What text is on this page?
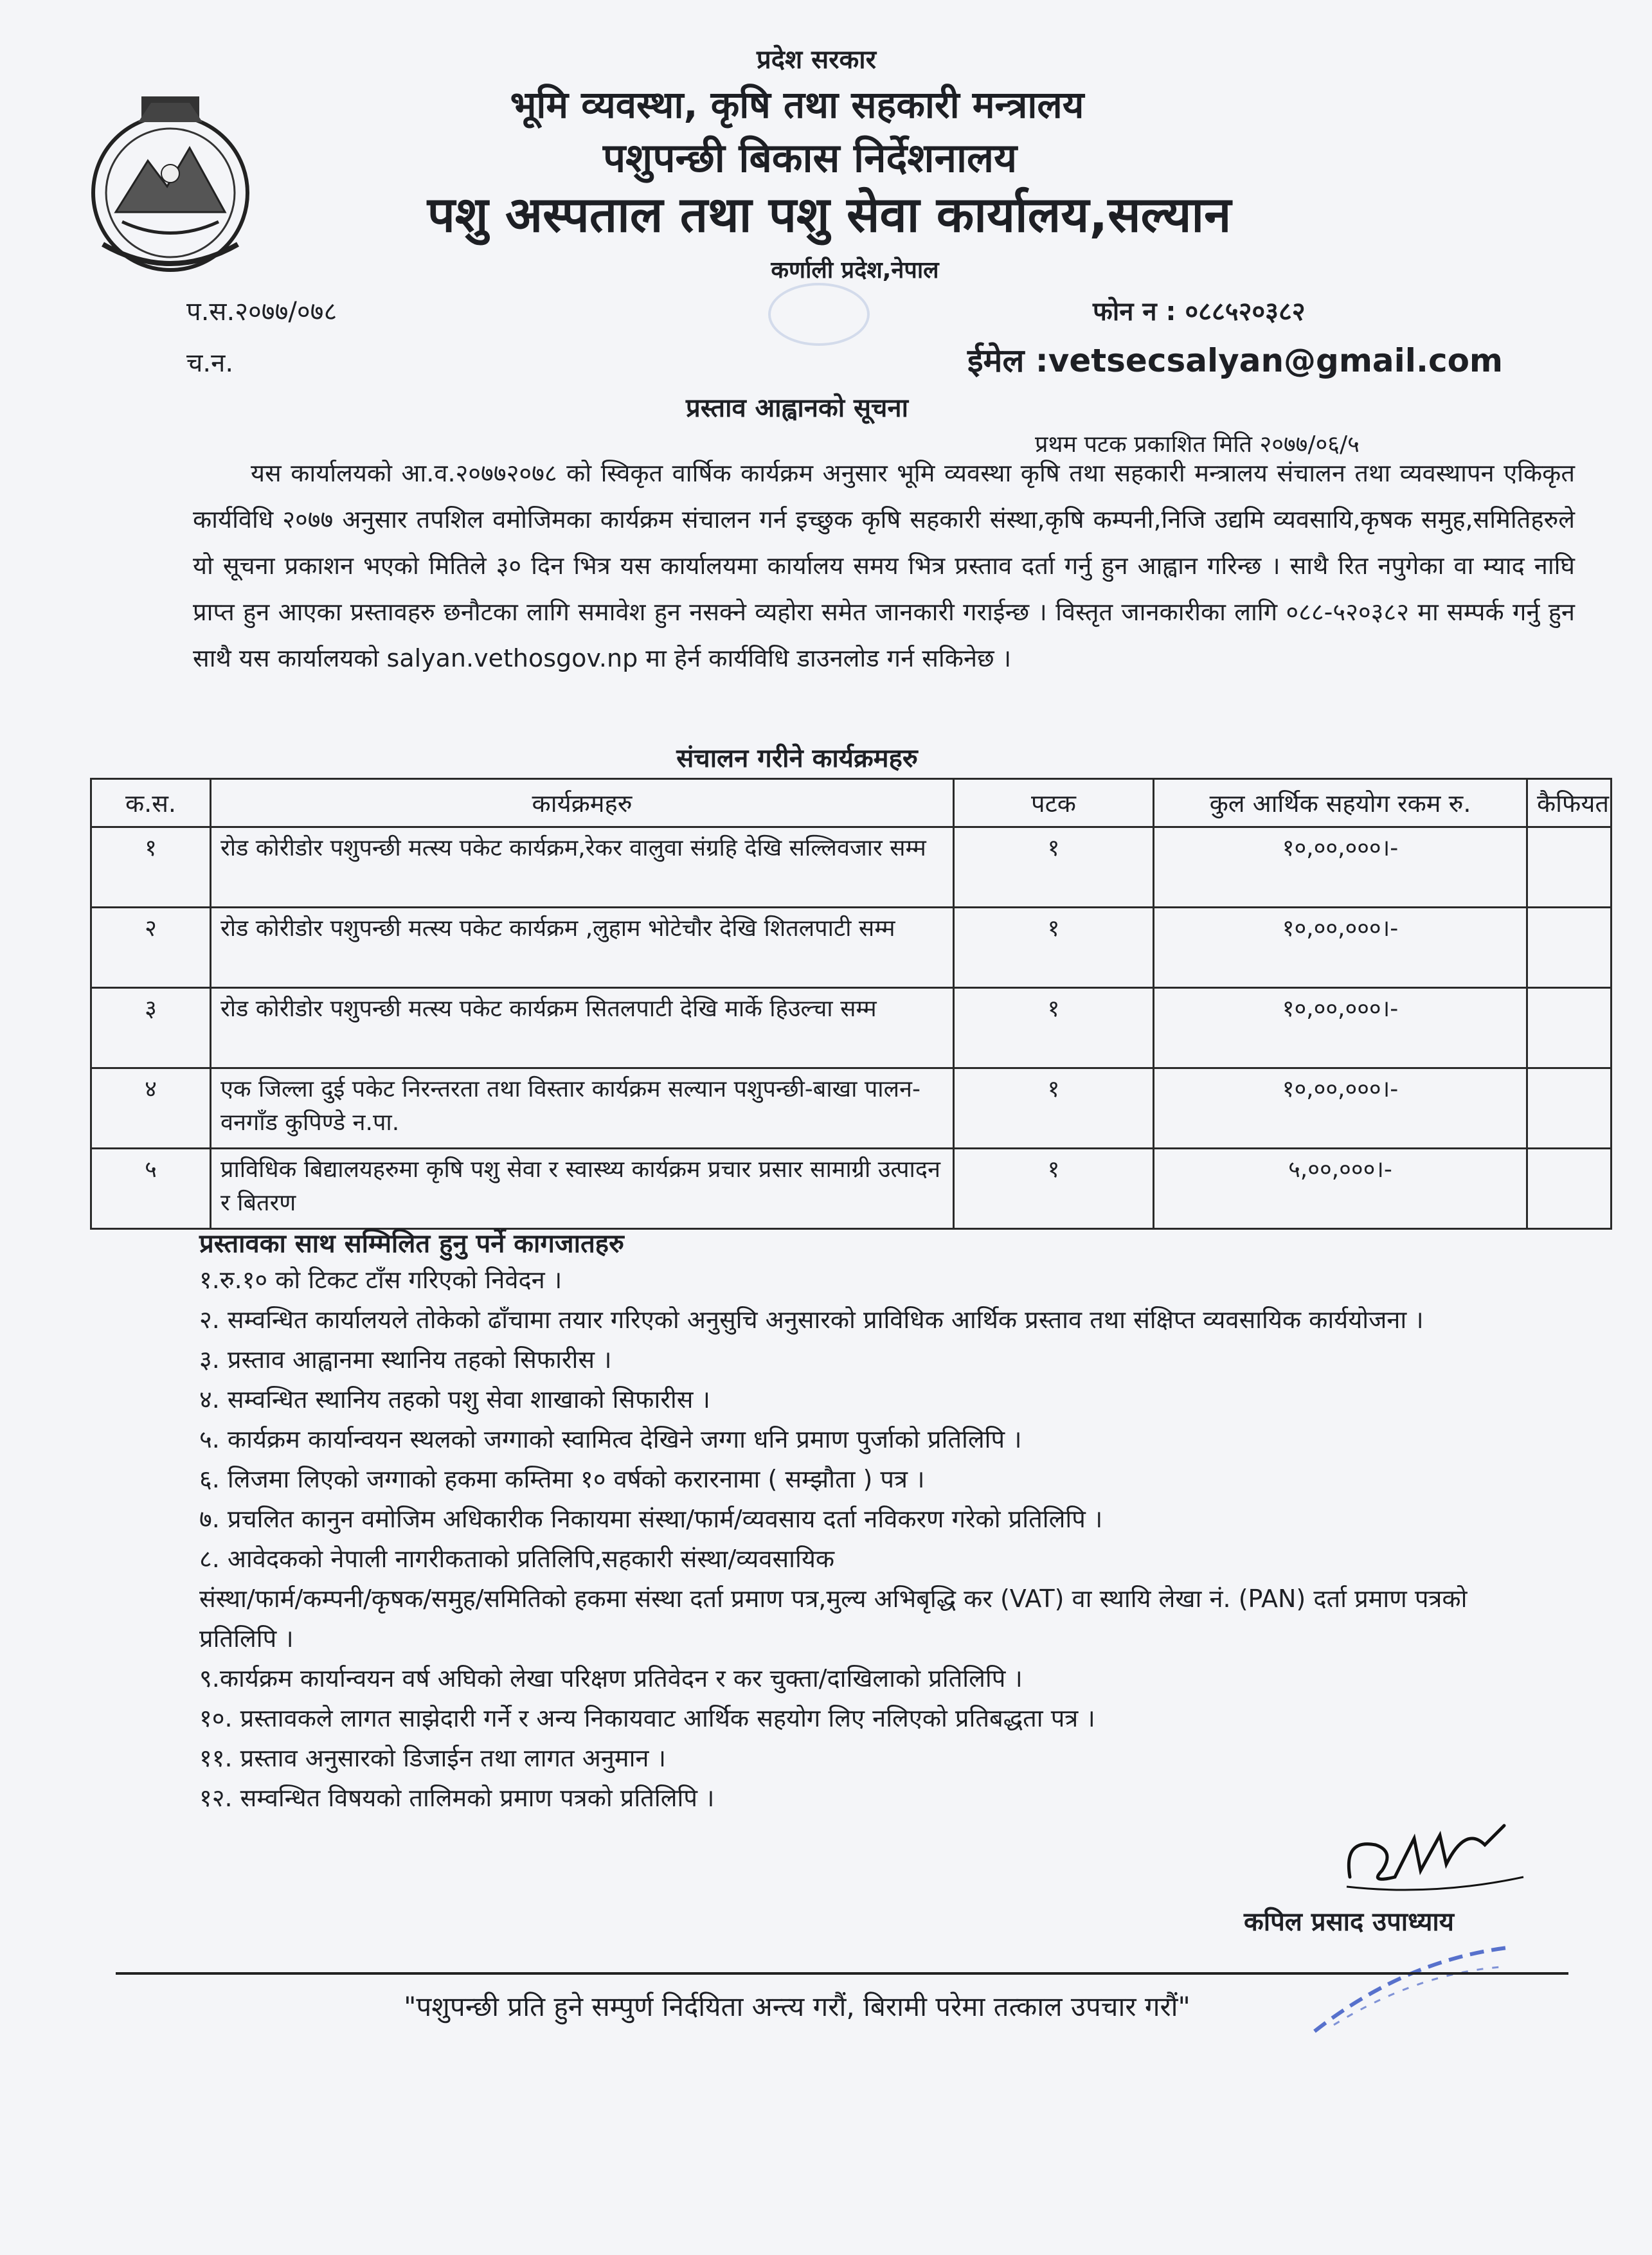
प्रदेश सरकार

भूमि व्यवस्था, कृषि तथा सहकारी मन्त्रालय

पशुपन्छी बिकास निर्देशनालय

पशु अस्पताल तथा पशु सेवा कार्यालय,सल्यान

कर्णाली प्रदेश,नेपाल

प.स.२०७७/०७८

च.न.

फोन न : ०८८५२०३८२

ईमेल :vetsecsalyan@gmail.com

प्रस्ताव आह्वानको सूचना

प्रथम पटक प्रकाशित मिति २०७७/०६/५

यस कार्यालयको आ.व.२०७७२०७८ को स्विकृत वार्षिक कार्यक्रम अनुसार भूमि व्यवस्था कृषि तथा सहकारी मन्त्रालय संचालन तथा व्यवस्थापन एकिकृत कार्यविधि २०७७ अनुसार तपशिल वमोजिमका कार्यक्रम संचालन गर्न इच्छुक कृषि सहकारी संस्था,कृषि कम्पनी,निजि उद्यमि व्यवसायि,कृषक समुह,समितिहरुले यो सूचना प्रकाशन भएको मितिले ३० दिन भित्र यस कार्यालयमा कार्यालय समय भित्र प्रस्ताव दर्ता गर्नु हुन आह्वान गरिन्छ । साथै रित नपुगेका वा म्याद नाघि प्राप्त हुन आएका प्रस्तावहरु छनौटका लागि समावेश हुन नसक्ने व्यहोरा समेत जानकारी गराईन्छ । विस्तृत जानकारीका लागि ०८८-५२०३८२ मा सम्पर्क गर्नु हुन साथै यस कार्यालयको salyan.vethosgov.np मा हेर्न कार्यविधि डाउनलोड गर्न सकिनेछ ।

संचालन गरीने कार्यक्रमहरु

क.स.	कार्यक्रमहरु	पटक	कुल आर्थिक सहयोग रकम रु.	कैफियत
१	रोड कोरीडोर पशुपन्छी मत्स्य पकेट कार्यक्रम,रेकर वालुवा संग्रहि देखि सल्लिवजार सम्म	१	१०,००,०००।-	
२	रोड कोरीडोर पशुपन्छी मत्स्य पकेट कार्यक्रम ,लुहाम भोटेचौर देखि शितलपाटी सम्म	१	१०,००,०००।-	
३	रोड कोरीडोर पशुपन्छी मत्स्य पकेट कार्यक्रम सितलपाटी देखि मार्के हिउल्चा सम्म	१	१०,००,०००।-	
४	एक जिल्ला दुई पकेट निरन्तरता तथा विस्तार कार्यक्रम सल्यान पशुपन्छी-बाखा पालन-वनगाँड कुपिण्डे न.पा.	१	१०,००,०००।-	
५	प्राविधिक बिद्यालयहरुमा कृषि पशु सेवा र स्वास्थ्य कार्यक्रम प्रचार प्रसार सामाग्री उत्पादन र बितरण	१	५,००,०००।-	

प्रस्तावका साथ सम्मिलित हुनु पर्ने कागजातहरु

१.रु.१० को टिकट टाँस गरिएको निवेदन ।
२. सम्वन्धित कार्यालयले तोकेको ढाँचामा तयार गरिएको अनुसुचि अनुसारको प्राविधिक आर्थिक प्रस्ताव तथा संक्षिप्त व्यवसायिक कार्ययोजना ।
३. प्रस्ताव आह्वानमा स्थानिय तहको सिफारीस ।
४. सम्वन्धित स्थानिय तहको पशु सेवा शाखाको सिफारीस ।
५. कार्यक्रम कार्यान्वयन स्थलको जग्गाको स्वामित्व देखिने जग्गा धनि प्रमाण पुर्जाको प्रतिलिपि ।
६. लिजमा लिएको जग्गाको हकमा कम्तिमा १० वर्षको करारनामा ( सम्झौता ) पत्र ।
७. प्रचलित कानुन वमोजिम अधिकारीक निकायमा संस्था/फार्म/व्यवसाय दर्ता नविकरण गरेको प्रतिलिपि ।
८. आवेदकको नेपाली नागरीकताको प्रतिलिपि,सहकारी संस्था/व्यवसायिक
संस्था/फार्म/कम्पनी/कृषक/समुह/समितिको हकमा संस्था दर्ता प्रमाण पत्र,मुल्य अभिबृद्धि कर (VAT) वा स्थायि लेखा नं. (PAN) दर्ता प्रमाण पत्रको प्रतिलिपि ।
९.कार्यक्रम कार्यान्वयन वर्ष अघिको लेखा परिक्षण प्रतिवेदन र कर चुक्ता/दाखिलाको प्रतिलिपि ।
१०. प्रस्तावकले लागत साझेदारी गर्ने र अन्य निकायवाट आर्थिक सहयोग लिए नलिएको प्रतिबद्धता पत्र ।
११. प्रस्ताव अनुसारको डिजाईन तथा लागत अनुमान ।
१२. सम्वन्धित विषयको तालिमको प्रमाण पत्रको प्रतिलिपि ।

कपिल प्रसाद उपाध्याय

"पशुपन्छी प्रति हुने सम्पुर्ण निर्दयिता अन्त्य गरौं, बिरामी परेमा तत्काल उपचार गरौं"
